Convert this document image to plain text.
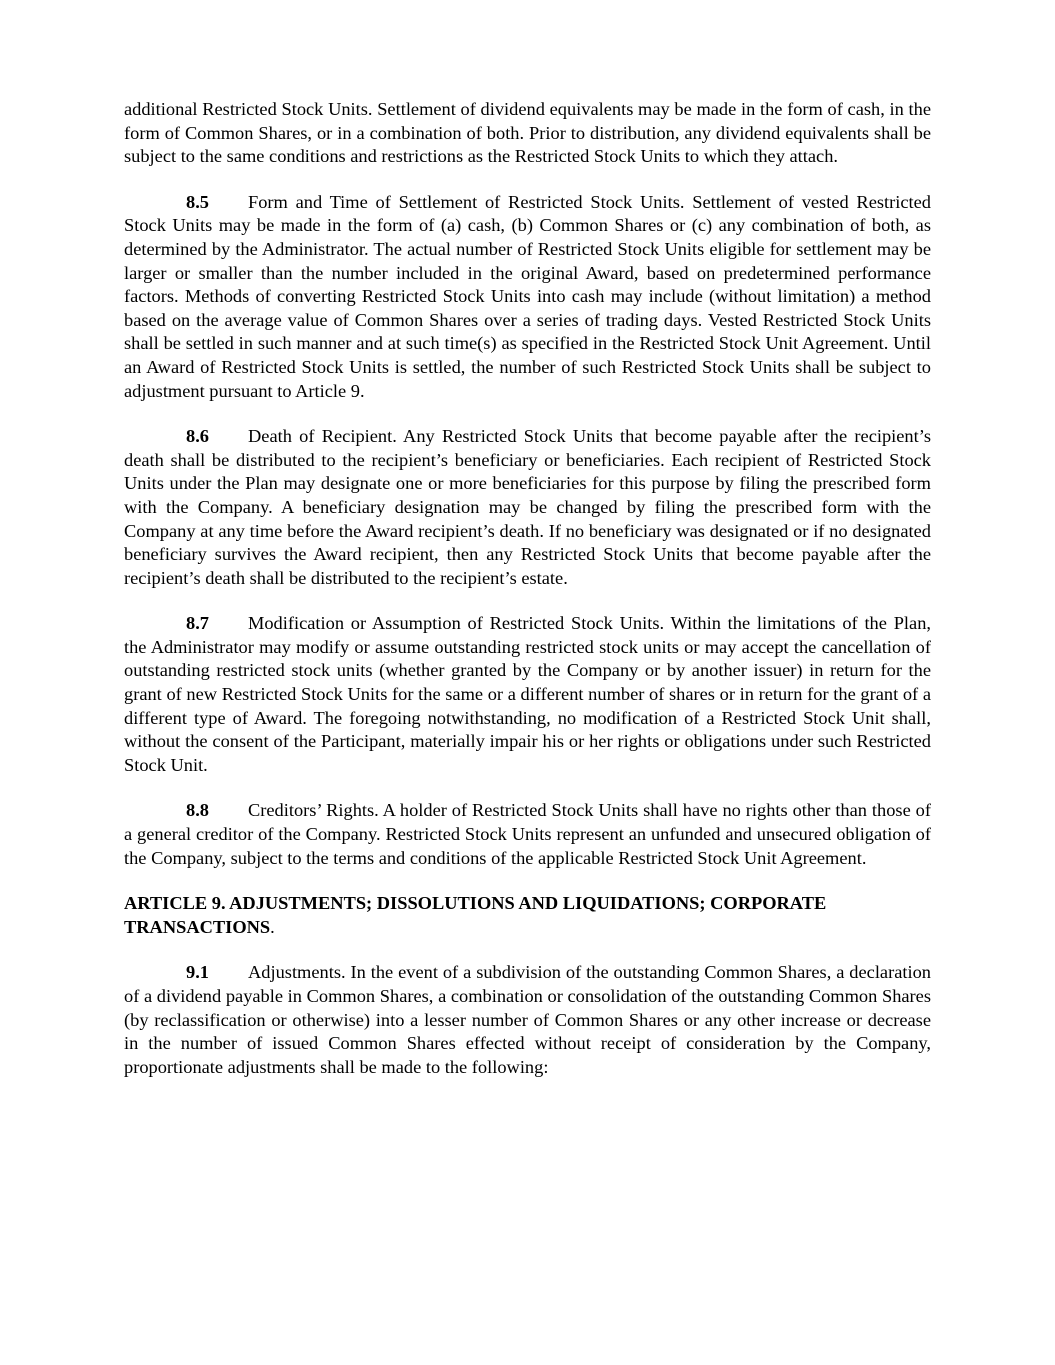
additional Restricted Stock Units. Settlement of dividend equivalents may be made in the form of cash, in the form of Common Shares, or in a combination of both. Prior to distribution, any dividend equivalents shall be subject to the same conditions and restrictions as the Restricted Stock Units to which they attach.

8.5 Form and Time of Settlement of Restricted Stock Units. Settlement of vested Restricted Stock Units may be made in the form of (a) cash, (b) Common Shares or (c) any combination of both, as determined by the Administrator. The actual number of Restricted Stock Units eligible for settlement may be larger or smaller than the number included in the original Award, based on predetermined performance factors. Methods of converting Restricted Stock Units into cash may include (without limitation) a method based on the average value of Common Shares over a series of trading days. Vested Restricted Stock Units shall be settled in such manner and at such time(s) as specified in the Restricted Stock Unit Agreement. Until an Award of Restricted Stock Units is settled, the number of such Restricted Stock Units shall be subject to adjustment pursuant to Article 9.

8.6 Death of Recipient. Any Restricted Stock Units that become payable after the recipient’s death shall be distributed to the recipient’s beneficiary or beneficiaries. Each recipient of Restricted Stock Units under the Plan may designate one or more beneficiaries for this purpose by filing the prescribed form with the Company. A beneficiary designation may be changed by filing the prescribed form with the Company at any time before the Award recipient’s death. If no beneficiary was designated or if no designated beneficiary survives the Award recipient, then any Restricted Stock Units that become payable after the recipient’s death shall be distributed to the recipient’s estate.

8.7 Modification or Assumption of Restricted Stock Units. Within the limitations of the Plan, the Administrator may modify or assume outstanding restricted stock units or may accept the cancellation of outstanding restricted stock units (whether granted by the Company or by another issuer) in return for the grant of new Restricted Stock Units for the same or a different number of shares or in return for the grant of a different type of Award. The foregoing notwithstanding, no modification of a Restricted Stock Unit shall, without the consent of the Participant, materially impair his or her rights or obligations under such Restricted Stock Unit.

8.8 Creditors’ Rights. A holder of Restricted Stock Units shall have no rights other than those of a general creditor of the Company. Restricted Stock Units represent an unfunded and unsecured obligation of the Company, subject to the terms and conditions of the applicable Restricted Stock Unit Agreement.

ARTICLE 9. ADJUSTMENTS; DISSOLUTIONS AND LIQUIDATIONS; CORPORATE TRANSACTIONS.

9.1 Adjustments. In the event of a subdivision of the outstanding Common Shares, a declaration of a dividend payable in Common Shares, a combination or consolidation of the outstanding Common Shares (by reclassification or otherwise) into a lesser number of Common Shares or any other increase or decrease in the number of issued Common Shares effected without receipt of consideration by the Company, proportionate adjustments shall be made to the following:
